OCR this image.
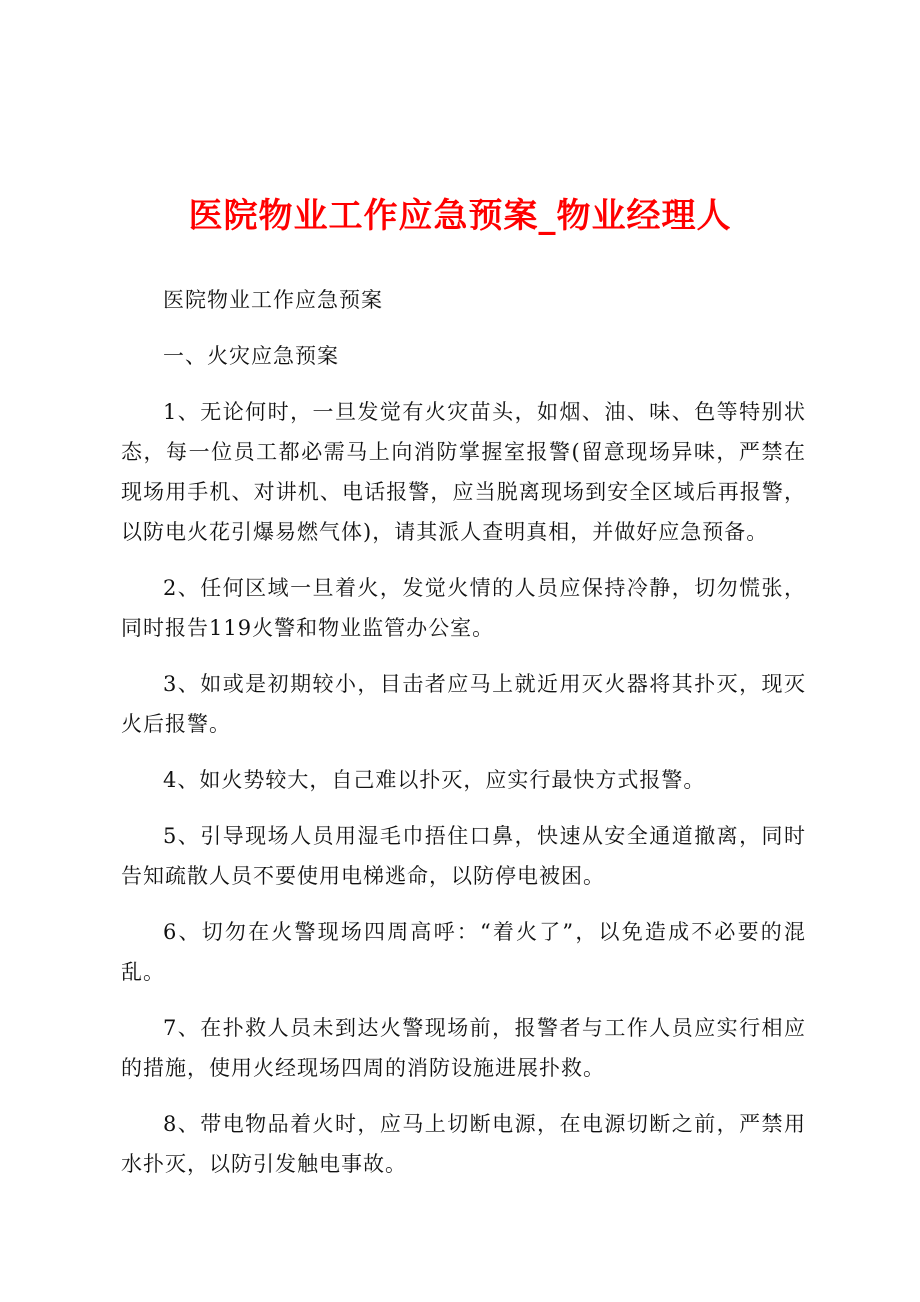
医院物业工作应急预案_物业经理人

医院物业工作应急预案

一、火灾应急预案

1、无论何时，一旦发觉有火灾苗头，如烟、油、味、色等特别状态，每一位员工都必需马上向消防掌握室报警(留意现场异味，严禁在现场用手机、对讲机、电话报警，应当脱离现场到安全区域后再报警，以防电火花引爆易燃气体)，请其派人查明真相，并做好应急预备。

2、任何区域一旦着火，发觉火情的人员应保持冷静，切勿慌张，同时报告119火警和物业监管办公室。

3、如或是初期较小，目击者应马上就近用灭火器将其扑灭，现灭火后报警。

4、如火势较大，自己难以扑灭，应实行最快方式报警。

5、引导现场人员用湿毛巾捂住口鼻，快速从安全通道撤离，同时告知疏散人员不要使用电梯逃命，以防停电被困。

6、切勿在火警现场四周高呼：“着火了”，以免造成不必要的混乱。

7、在扑救人员未到达火警现场前，报警者与工作人员应实行相应的措施，使用火经现场四周的消防设施进展扑救。

8、带电物品着火时，应马上切断电源，在电源切断之前，严禁用水扑灭，以防引发触电事故。
